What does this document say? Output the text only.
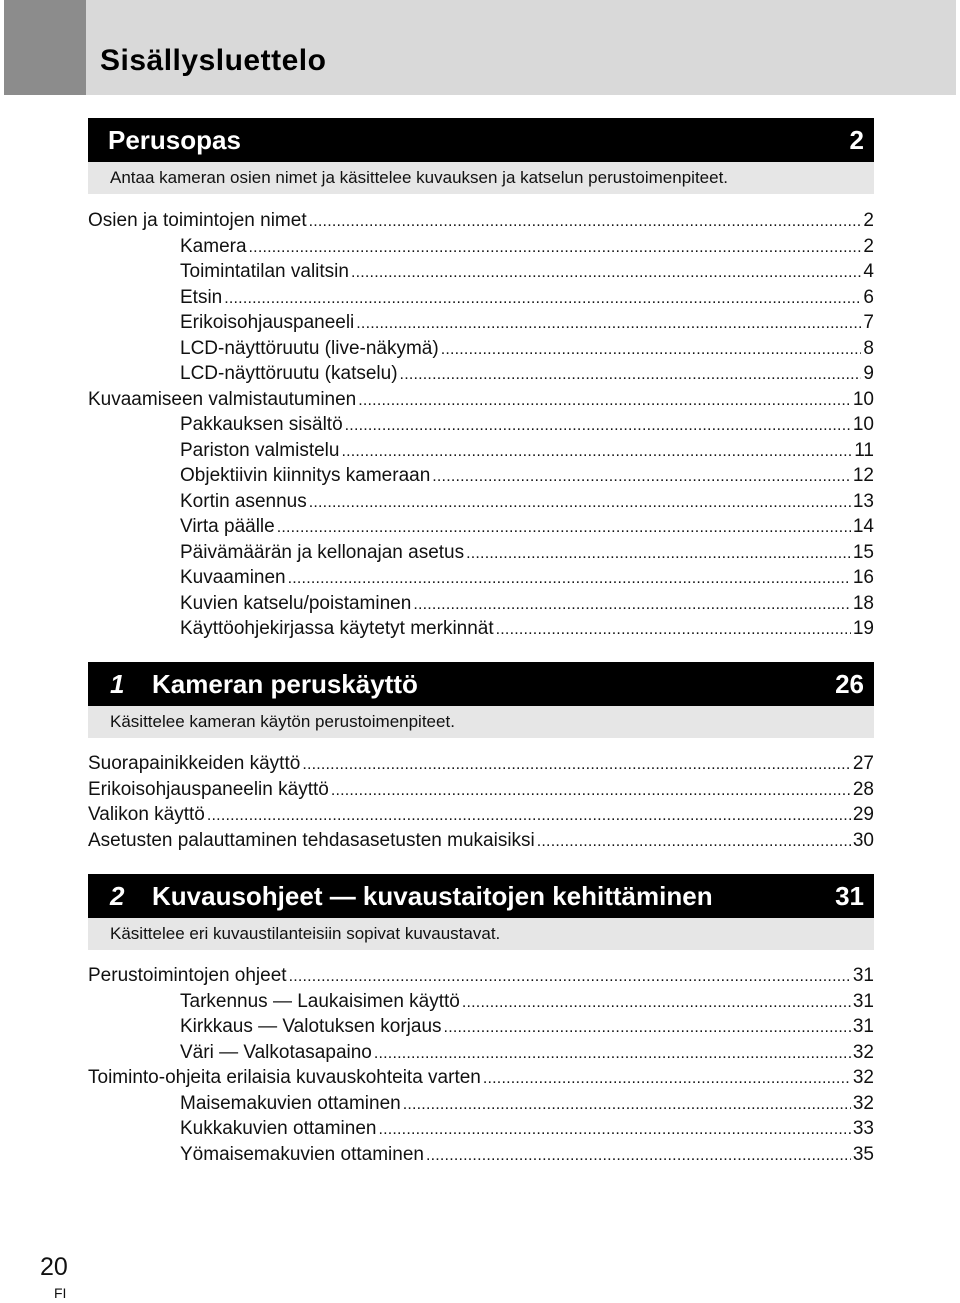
Sisällysluettelo
Perusopas	2
Antaa kameran osien nimet ja käsittelee kuvauksen ja katselun perustoimenpiteet.
Osien ja toimintojen nimet .....	2
Kamera .....	2
Toimintatilan valitsin .....	4
Etsin .....	6
Erikoisohjauspaneeli .....	7
LCD-näyttöruutu (live-näkymä) .....	8
LCD-näyttöruutu (katselu) .....	9
Kuvaamiseen valmistautuminen .....	10
Pakkauksen sisältö .....	10
Pariston valmistelu .....	11
Objektiivin kiinnitys kameraan .....	12
Kortin asennus .....	13
Virta päälle .....	14
Päivämäärän ja kellonajan asetus .....	15
Kuvaaminen .....	16
Kuvien katselu/poistaminen .....	18
Käyttöohjekirjassa käytetyt merkinnät .....	19
1 Kameran peruskäyttö	26
Käsittelee kameran käytön perustoimenpiteet.
Suorapainikkeiden käyttö .....	27
Erikoisohjauspaneelin käyttö .....	28
Valikon käyttö .....	29
Asetusten palauttaminen tehdasasetusten mukaisiksi .....	30
2 Kuvausohjeet — kuvaustaitojen kehittäminen	31
Käsittelee eri kuvaustilanteisiin sopivat kuvaustavat.
Perustoimintojen ohjeet .....	31
Tarkennus — Laukaisimen käyttö .....	31
Kirkkaus — Valotuksen korjaus .....	31
Väri — Valkotasapaino .....	32
Toiminto-ohjeita erilaisia kuvauskohteita varten .....	32
Maisemakuvien ottaminen .....	32
Kukkakuvien ottaminen .....	33
Yömaisemakuvien ottaminen .....	35
20
FI
